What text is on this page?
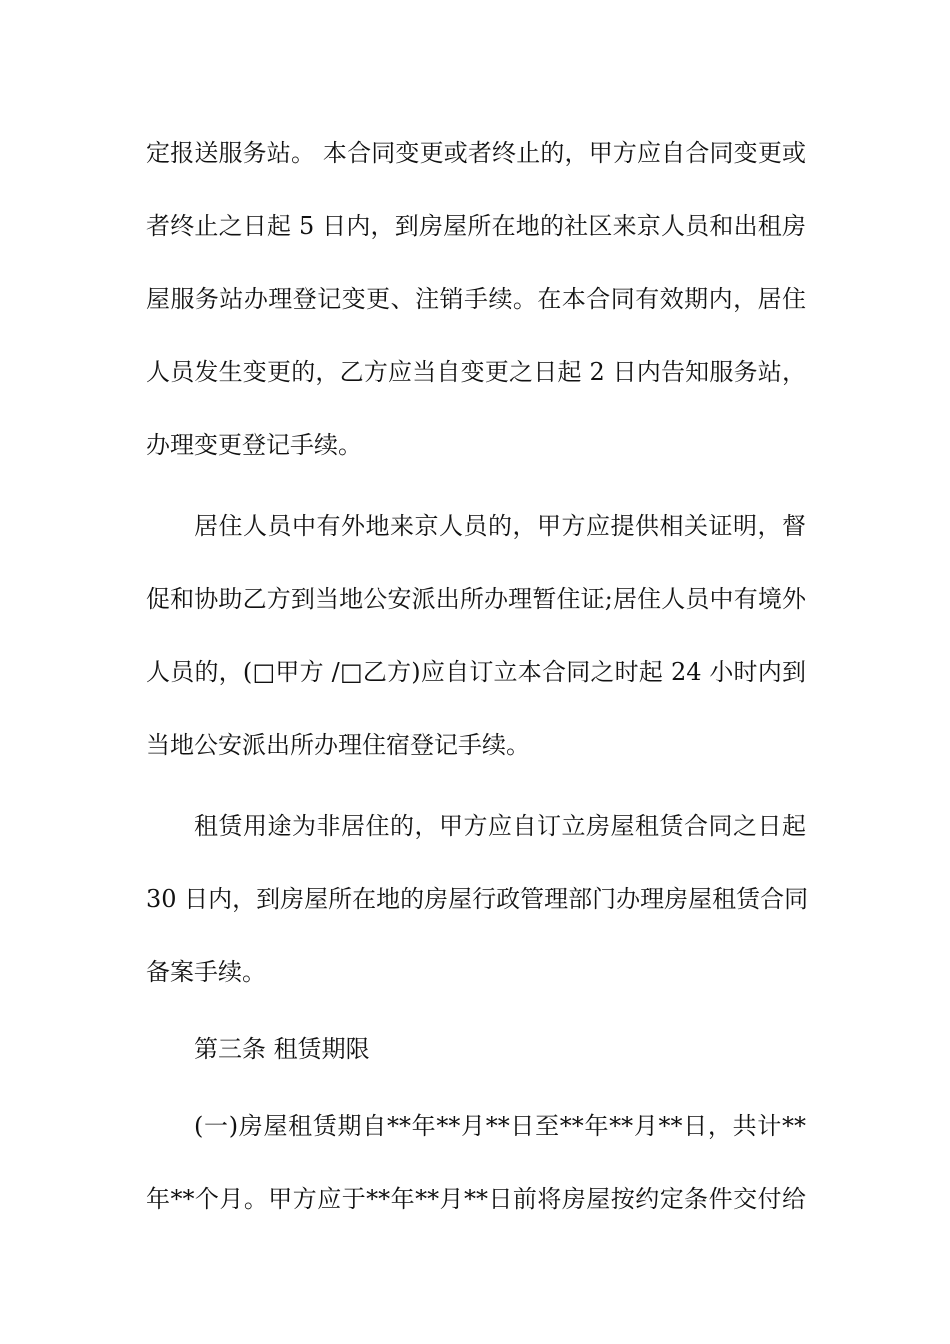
定报送服务站。 本合同变更或者终止的，甲方应自合同变更或
者终止之日起 5 日内，到房屋所在地的社区来京人员和出租房
屋服务站办理登记变更、注销手续。在本合同有效期内，居住
人员发生变更的，乙方应当自变更之日起 2 日内告知服务站，
办理变更登记手续。
居住人员中有外地来京人员的，甲方应提供相关证明，督
促和协助乙方到当地公安派出所办理暂住证;居住人员中有境外
人员的，(□甲方 /□乙方)应自订立本合同之时起 24 小时内到
当地公安派出所办理住宿登记手续。
租赁用途为非居住的，甲方应自订立房屋租赁合同之日起
30 日内，到房屋所在地的房屋行政管理部门办理房屋租赁合同
备案手续。
第三条 租赁期限
(一)房屋租赁期自**年**月**日至**年**月**日，共计**
年**个月。甲方应于**年**月**日前将房屋按约定条件交付给
